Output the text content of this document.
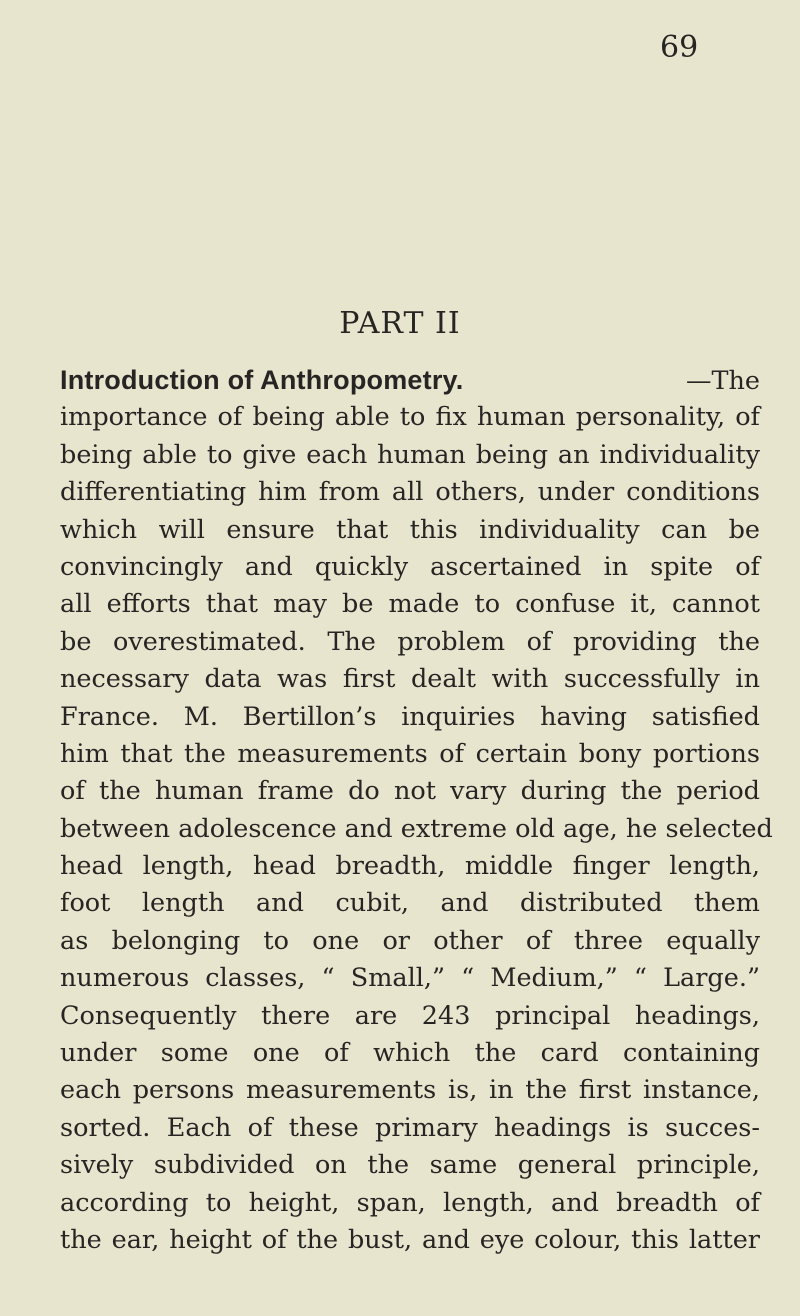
69
PART II
Introduction of Anthropometry.	—The
importance of being able to fix human personality, of
being able to give each human being an individuality
differentiating him from all others, under conditions
which will ensure that this individuality can be
convincingly and quickly ascertained in spite of
all efforts that may be made to confuse it, cannot
be overestimated. The problem of providing the
necessary data was first dealt with successfully in
France. M. Bertillon’s inquiries having satisfied
him that the measurements of certain bony portions
of the human frame do not vary during the period
between adolescence and extreme old age, he selected
head length, head breadth, middle finger length,
foot length and cubit, and distributed them
as belonging to one or other of three equally
numerous classes, “ Small,” “ Medium,” “ Large.”
Consequently there are 243 principal headings,
under some one of which the card containing
each persons measurements is, in the first instance,
sorted. Each of these primary headings is succes-
sively subdivided on the same general principle,
according to height, span, length, and breadth of
the ear, height of the bust, and eye colour, this latter
